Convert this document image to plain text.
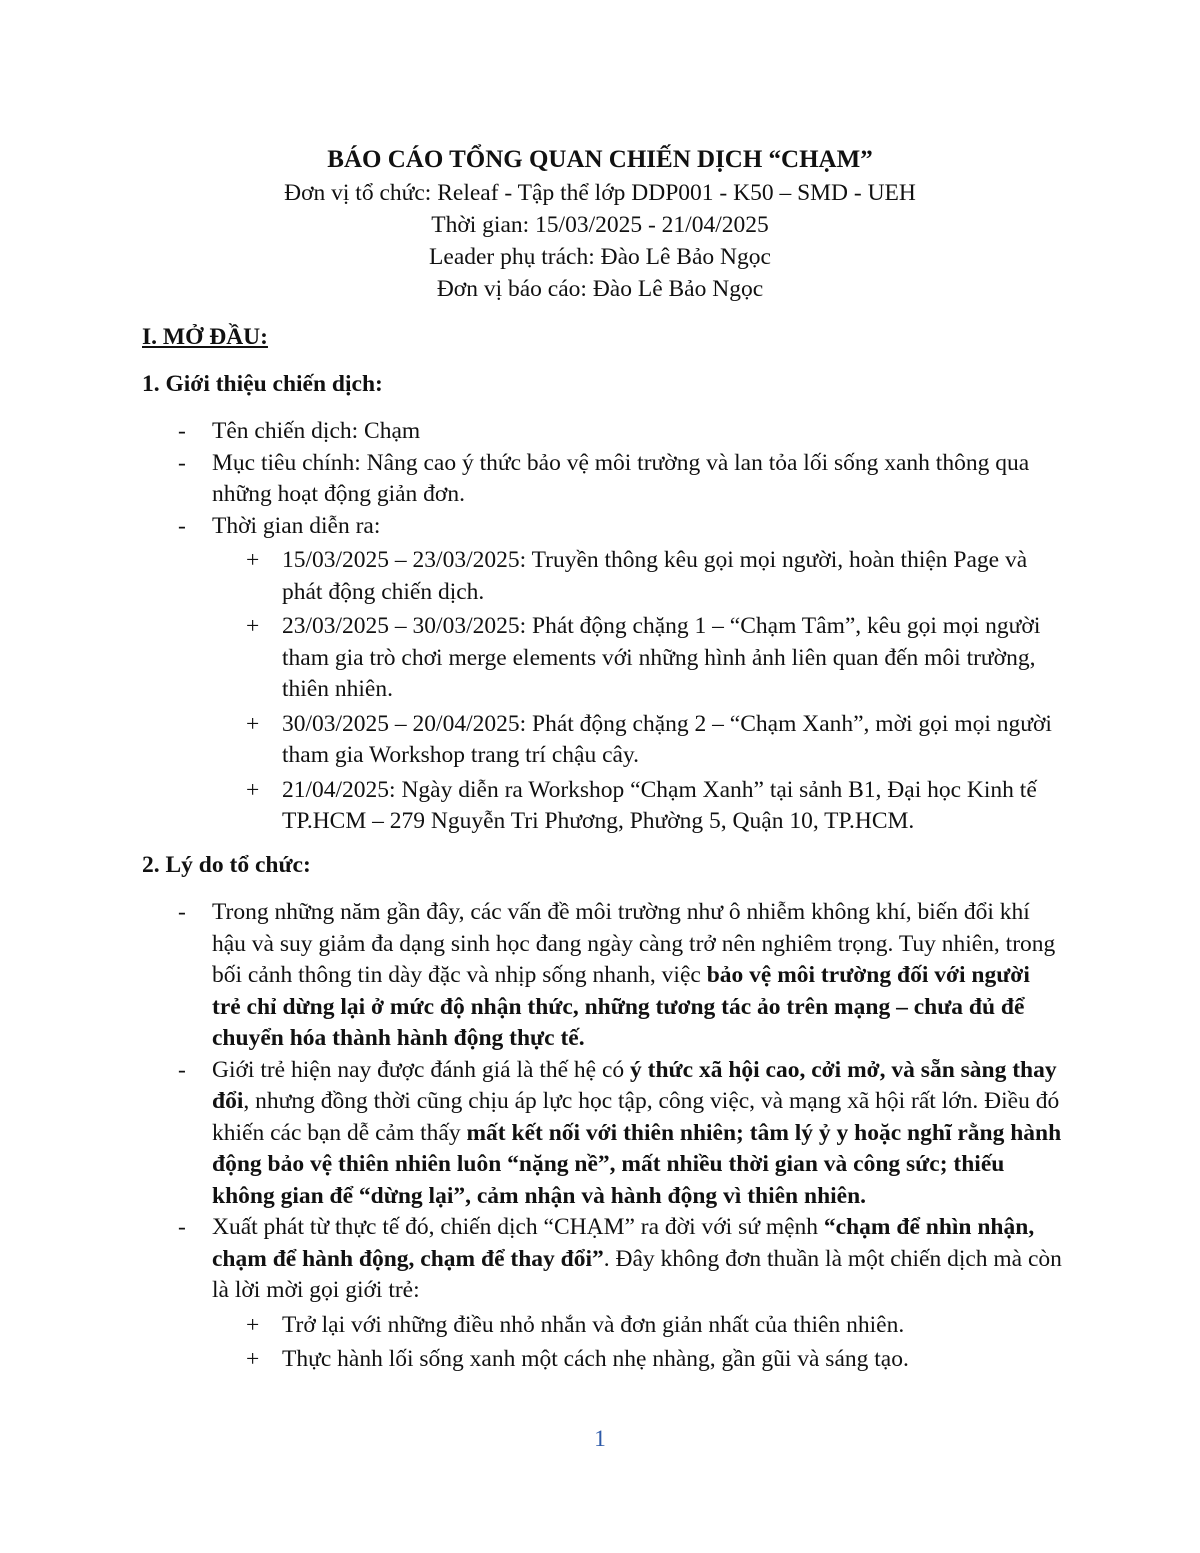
BÁO CÁO TỔNG QUAN CHIẾN DỊCH “CHẠM”
Đơn vị tổ chức: Releaf - Tập thể lớp DDP001 - K50 – SMD - UEH
Thời gian: 15/03/2025 - 21/04/2025
Leader phụ trách: Đào Lê Bảo Ngọc
Đơn vị báo cáo: Đào Lê Bảo Ngọc
I. MỞ ĐẦU:
1. Giới thiệu chiến dịch:
- Tên chiến dịch: Chạm
- Mục tiêu chính: Nâng cao ý thức bảo vệ môi trường và lan tỏa lối sống xanh thông qua những hoạt động giản đơn.
- Thời gian diễn ra:
+ 15/03/2025 – 23/03/2025: Truyền thông kêu gọi mọi người, hoàn thiện Page và phát động chiến dịch.
+ 23/03/2025 – 30/03/2025: Phát động chặng 1 – “Chạm Tâm”, kêu gọi mọi người tham gia trò chơi merge elements với những hình ảnh liên quan đến môi trường, thiên nhiên.
+ 30/03/2025 – 20/04/2025: Phát động chặng 2 – “Chạm Xanh”, mời gọi mọi người tham gia Workshop trang trí chậu cây.
+ 21/04/2025: Ngày diễn ra Workshop “Chạm Xanh” tại sảnh B1, Đại học Kinh tế TP.HCM – 279 Nguyễn Tri Phương, Phường 5, Quận 10, TP.HCM.
2. Lý do tổ chức:
- Trong những năm gần đây, các vấn đề môi trường như ô nhiễm không khí, biến đổi khí hậu và suy giảm đa dạng sinh học đang ngày càng trở nên nghiêm trọng. Tuy nhiên, trong bối cảnh thông tin dày đặc và nhịp sống nhanh, việc bảo vệ môi trường đối với người trẻ chỉ dừng lại ở mức độ nhận thức, những tương tác ảo trên mạng – chưa đủ để chuyển hóa thành hành động thực tế.
- Giới trẻ hiện nay được đánh giá là thế hệ có ý thức xã hội cao, cởi mở, và sẵn sàng thay đổi, nhưng đồng thời cũng chịu áp lực học tập, công việc, và mạng xã hội rất lớn. Điều đó khiến các bạn dễ cảm thấy mất kết nối với thiên nhiên; tâm lý ỷ y hoặc nghĩ rằng hành động bảo vệ thiên nhiên luôn “nặng nề”, mất nhiều thời gian và công sức; thiếu không gian để “dừng lại”, cảm nhận và hành động vì thiên nhiên.
- Xuất phát từ thực tế đó, chiến dịch “CHẠM” ra đời với sứ mệnh “chạm để nhìn nhận, chạm để hành động, chạm để thay đổi”. Đây không đơn thuần là một chiến dịch mà còn là lời mời gọi giới trẻ:
+ Trở lại với những điều nhỏ nhắn và đơn giản nhất của thiên nhiên.
+ Thực hành lối sống xanh một cách nhẹ nhàng, gần gũi và sáng tạo.
1
